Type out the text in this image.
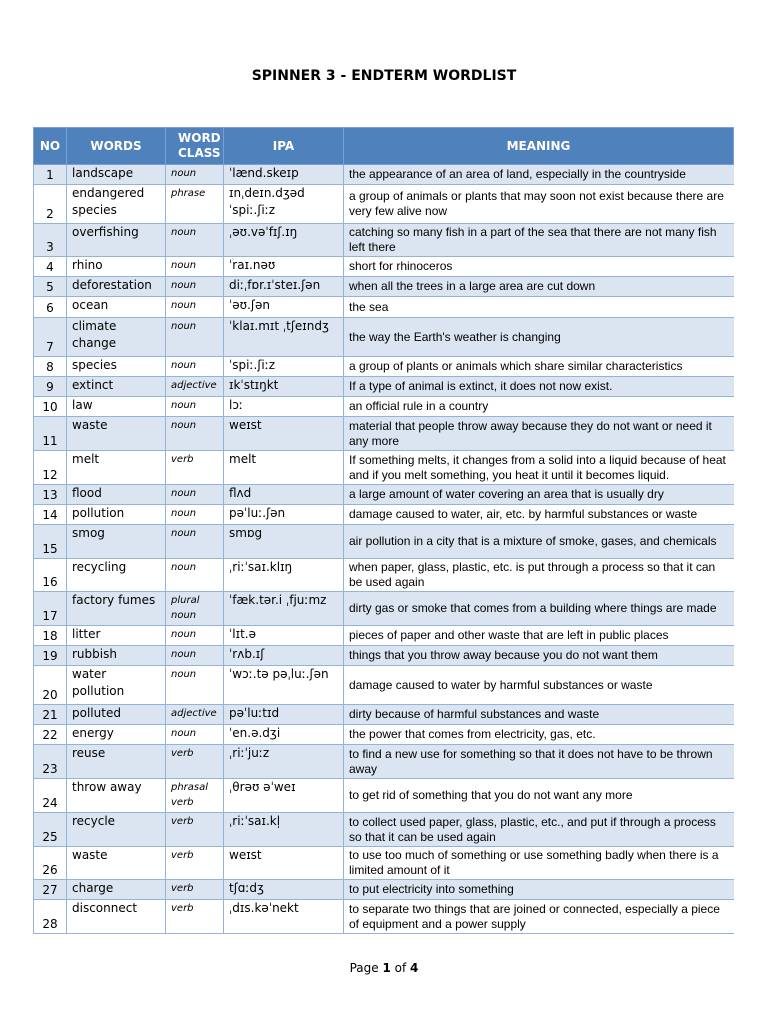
SPINNER 3 - ENDTERM WORDLIST
NO	WORDS	WORD CLASS	IPA	MEANING
1	landscape	noun	ˈlænd.skeɪp	the appearance of an area of land, especially in the countryside
2	endangered species	phrase	ɪnˌdeɪn.dʒəd ˈspiː.ʃiːz	a group of animals or plants that may soon not exist because there are very few alive now
3	overfishing	noun	ˌəʊ.vəˈfɪʃ.ɪŋ	catching so many fish in a part of the sea that there are not many fish left there
4	rhino	noun	ˈraɪ.nəʊ	short for rhinoceros
5	deforestation	noun	diːˌfɒr.ɪˈsteɪ.ʃən	when all the trees in a large area are cut down
6	ocean	noun	ˈəʊ.ʃən	the sea
7	climate change	noun	ˈklaɪ.mɪt ˌtʃeɪndʒ	the way the Earth's weather is changing
8	species	noun	ˈspiː.ʃiːz	a group of plants or animals which share similar characteristics
9	extinct	adjective	ɪkˈstɪŋkt	If a type of animal is extinct, it does not now exist.
10	law	noun	lɔː	an official rule in a country
11	waste	noun	weɪst	material that people throw away because they do not want or need it any more
12	melt	verb	melt	If something melts, it changes from a solid into a liquid because of heat and if you melt something, you heat it until it becomes liquid.
13	flood	noun	flʌd	a large amount of water covering an area that is usually dry
14	pollution	noun	pəˈluː.ʃən	damage caused to water, air, etc. by harmful substances or waste
15	smog	noun	smɒg	air pollution in a city that is a mixture of smoke, gases, and chemicals
16	recycling	noun	ˌriːˈsaɪ.klɪŋ	when paper, glass, plastic, etc. is put through a process so that it can be used again
17	factory fumes	plural noun	ˈfæk.tər.i ˌfjuːmz	dirty gas or smoke that comes from a building where things are made
18	litter	noun	ˈlɪt.ə	pieces of paper and other waste that are left in public places
19	rubbish	noun	ˈrʌb.ɪʃ	things that you throw away because you do not want them
20	water pollution	noun	ˈwɔː.tə pəˌluː.ʃən	damage caused to water by harmful substances or waste
21	polluted	adjective	pəˈluːtɪd	dirty because of harmful substances and waste
22	energy	noun	ˈen.ə.dʒi	the power that comes from electricity, gas, etc.
23	reuse	verb	ˌriːˈjuːz	to find a new use for something so that it does not have to be thrown away
24	throw away	phrasal verb	ˌθrəʊ əˈweɪ	to get rid of something that you do not want any more
25	recycle	verb	ˌriːˈsaɪ.kl̩	to collect used paper, glass, plastic, etc., and put if through a process so that it can be used again
26	waste	verb	weɪst	to use too much of something or use something badly when there is a limited amount of it
27	charge	verb	tʃɑːdʒ	to put electricity into something
28	disconnect	verb	ˌdɪs.kəˈnekt	to separate two things that are joined or connected, especially a piece of equipment and a power supply
Page 1 of 4
